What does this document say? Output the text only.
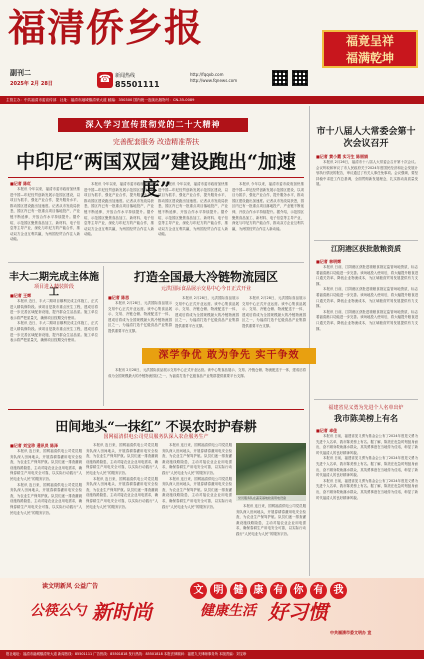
福清侨乡报	福竟呈祥
福满乾坤
副刊二
2025年 2月 28日	☎ 新闻热线
85501111
http://fqqxb.com
http://www.fqnews.com
主管主办：中共福清市委宣传部　社址：福清市融城镇清荣大道 邮编：350300 国内统一连续出版物号：CN-35-0089
深入学习宣传贯彻党的二十大精神
完善配套服务 改造精准帮扶
中印尼“两国双园”建设跑出“加速度”
■记者 陈红

本报讯 今年以来，福清市委市政府加快推进中国—印尼经贸创新发展示范园区建设，以项目为抓手，强化产业合作，提升服务水平，推动园区建设跑出加速度。记者从市发改局获悉，园区内已有一批重点项目落地投产，产业链不断延伸，开放合作水平持续提升。据介绍，示范园区聚焦食品加工、新材料、电子信息等主导产业，深化与印尼方的产能合作，推动双方企业互利共赢，为两国经贸合作注入新动能。

本报讯 今年以来，福清市委市政府加快推进中国—印尼经贸创新发展示范园区建设，以项目为抓手，强化产业合作，提升服务水平，推动园区建设跑出加速度。记者从市发改局获悉，园区内已有一批重点项目落地投产，产业链不断延伸，开放合作水平持续提升。据介绍，示范园区聚焦食品加工、新材料、电子信息等主导产业，深化与印尼方的产能合作，推动双方企业互利共赢，为两国经贸合作注入新动能。

本报讯 今年以来，福清市委市政府加快推进中国—印尼经贸创新发展示范园区建设，以项目为抓手，强化产业合作，提升服务水平，推动园区建设跑出加速度。记者从市发改局获悉，园区内已有一批重点项目落地投产，产业链不断延伸，开放合作水平持续提升。据介绍，示范园区聚焦食品加工、新材料、电子信息等主导产业，深化与印尼方的产能合作，推动双方企业互利共赢，为两国经贸合作注入新动能。

本报讯 今年以来，福清市委市政府加快推进中国—印尼经贸创新发展示范园区建设，以项目为抓手，强化产业合作，提升服务水平，推动园区建设跑出加速度。记者从市发改局获悉，园区内已有一批重点项目落地投产，产业链不断延伸，开放合作水平持续提升。据介绍，示范园区聚焦食品加工、新材料、电子信息等主导产业，深化与印尼方的产能合作，推动双方企业互利共赢，为两国经贸合作注入新动能。

市十八届人大常委会第十次会议召开
■记者 黄小霞 实习生 陈丽娟

本报讯 2月26日，福清市十八届人大常委会召开第十次会议。会议听取和审议了市人民政府关于2024年度国民经济和社会发展计划执行情况的报告，审议通过了有关人事任免事项。会议强调，要坚持稳中求进工作总基调，全面贯彻新发展理念，扎实推动高质量发展。

江阴港区获批散粮资质
■记者 林明辉

本报讯 日前，江阴港区获批进境粮食指定监管场地资质，标志着福清港口功能进一步完善。该场地投入使用后，将大幅提升粮食进口通关效率，降低企业物流成本，为区域粮食贸易发展提供有力支撑。

本报讯 日前，江阴港区获批进境粮食指定监管场地资质，标志着福清港口功能进一步完善。该场地投入使用后，将大幅提升粮食进口通关效率，降低企业物流成本，为区域粮食贸易发展提供有力支撑。

本报讯 日前，江阴港区获批进境粮食指定监管场地资质，标志着福清港口功能进一步完善。该场地投入使用后，将大幅提升粮食进口通关效率，降低企业物流成本，为区域粮食贸易发展提供有力支撑。

福建省见义勇为先进个人名单出炉
我市陈美榜上有名
■记者 卓佳

本报讯 日前，福建省见义勇为基金会公布了2024年度见义勇为先进个人名单，我市陈美榜上有名。据了解，陈美在危急时刻挺身而出，奋不顾身救助落水群众，其英勇事迹在当地传为佳话，彰显了新时代福清人的良好精神风貌。

本报讯 日前，福建省见义勇为基金会公布了2024年度见义勇为先进个人名单，我市陈美榜上有名。据了解，陈美在危急时刻挺身而出，奋不顾身救助落水群众，其英勇事迹在当地传为佳话，彰显了新时代福清人的良好精神风貌。

本报讯 日前，福建省见义勇为基金会公布了2024年度见义勇为先进个人名单，我市陈美榜上有名。据了解，陈美在危急时刻挺身而出，奋不顾身救助落水群众，其英勇事迹在当地传为佳话，彰显了新时代福清人的良好精神风貌。

丰大二期完成主体施工
项目进入精装阶段
■记者 王辉

本报讯 近日，丰大二期项目顺利完成主体施工，正式进入精装修阶段。该项目是我市重点民生工程，建成后将进一步完善区域配套设施，提升群众生活品质。施工单位表示将严把质量关，确保项目按期交付使用。

本报讯 近日，丰大二期项目顺利完成主体施工，正式进入精装修阶段。该项目是我市重点民生工程，建成后将进一步完善区域配套设施，提升群众生活品质。施工单位表示将严把质量关，确保项目按期交付使用。

打造全国最大冷链物流园区
元洪国际食品展示交易中心今日正式开业
■记者 陈思

本报讯 2月28日，元洪国际食品展示交易中心正式开业运营。该中心集食品展示、交易、冷链仓储、物流配送于一体，建成后将成为全国规模最大的冷链物流园区之一，为福清打造千亿级食品产业集群提供重要平台支撑。

本报讯 2月28日，元洪国际食品展示交易中心正式开业运营。该中心集食品展示、交易、冷链仓储、物流配送于一体，建成后将成为全国规模最大的冷链物流园区之一，为福清打造千亿级食品产业集群提供重要平台支撑。

本报讯 2月28日，元洪国际食品展示交易中心正式开业运营。该中心集食品展示、交易、冷链仓储、物流配送于一体，建成后将成为全国规模最大的冷链物流园区之一，为福清打造千亿级食品产业集群提供重要平台支撑。

深学争优 敢为争先 实干争效

本报讯 2月28日，元洪国际食品展示交易中心正式开业运营。该中心集食品展示、交易、冷链仓储、物流配送于一体，建成后将成为全国规模最大的冷链物流园区之一，为福清打造千亿级食品产业集群提供重要平台支撑。

田间地头“一抹红” 不误农时护春耕
国网福清供电公司党员服务队深入农企服务生产
■记者 刘宝珍 通讯员 陈泽

本报讯 连日来，国网福清供电公司党员服务队深入田间地头，开展春耕春灌用电安全检查，为农业生产保驾护航。队员们逐一排查灌溉设施线路隐患，主动对接农业企业用电需求，确保春耕生产用电安全可靠，以实际行动践行“人民电业为人民”的服务宗旨。

本报讯 连日来，国网福清供电公司党员服务队深入田间地头，开展春耕春灌用电安全检查，为农业生产保驾护航。队员们逐一排查灌溉设施线路隐患，主动对接农业企业用电需求，确保春耕生产用电安全可靠，以实际行动践行“人民电业为人民”的服务宗旨。

本报讯 连日来，国网福清供电公司党员服务队深入田间地头，开展春耕春灌用电安全检查，为农业生产保驾护航。队员们逐一排查灌溉设施线路隐患，主动对接农业企业用电需求，确保春耕生产用电安全可靠，以实际行动践行“人民电业为人民”的服务宗旨。

本报讯 连日来，国网福清供电公司党员服务队深入田间地头，开展春耕春灌用电安全检查，为农业生产保驾护航。队员们逐一排查灌溉设施线路隐患，主动对接农业企业用电需求，确保春耕生产用电安全可靠，以实际行动践行“人民电业为人民”的服务宗旨。

本报讯 连日来，国网福清供电公司党员服务队深入田间地头，开展春耕春灌用电安全检查，为农业生产保驾护航。队员们逐一排查灌溉设施线路隐患，主动对接农业企业用电需求，确保春耕生产用电安全可靠，以实际行动践行“人民电业为人民”的服务宗旨。

本报讯 连日来，国网福清供电公司党员服务队深入田间地头，开展春耕春灌用电安全检查，为农业生产保驾护航。队员们逐一排查灌溉设施线路隐患，主动对接农业企业用电需求，确保春耕生产用电安全可靠，以实际行动践行“人民电业为人民”的服务宗旨。

党员服务队在蔬菜基地检查用电设备

本报讯 连日来，国网福清供电公司党员服务队深入田间地头，开展春耕春灌用电安全检查，为农业生产保驾护航。队员们逐一排查灌溉设施线路隐患，主动对接农业企业用电需求，确保春耕生产用电安全可靠，以实际行动践行“人民电业为人民”的服务宗旨。

读文明新风 公益广告	文 明 健 康 有 你 有 我
公筷公勺 新时尚	健康生活 好习惯
中共福清市委文明办 宣
报社地址：福清市融城镇清荣大道 新闻热线：85501111 广告热线：85501818 发行热线：85501818 本报法律顾问：福建九天律师事务所 本版责编：刘宝珍
